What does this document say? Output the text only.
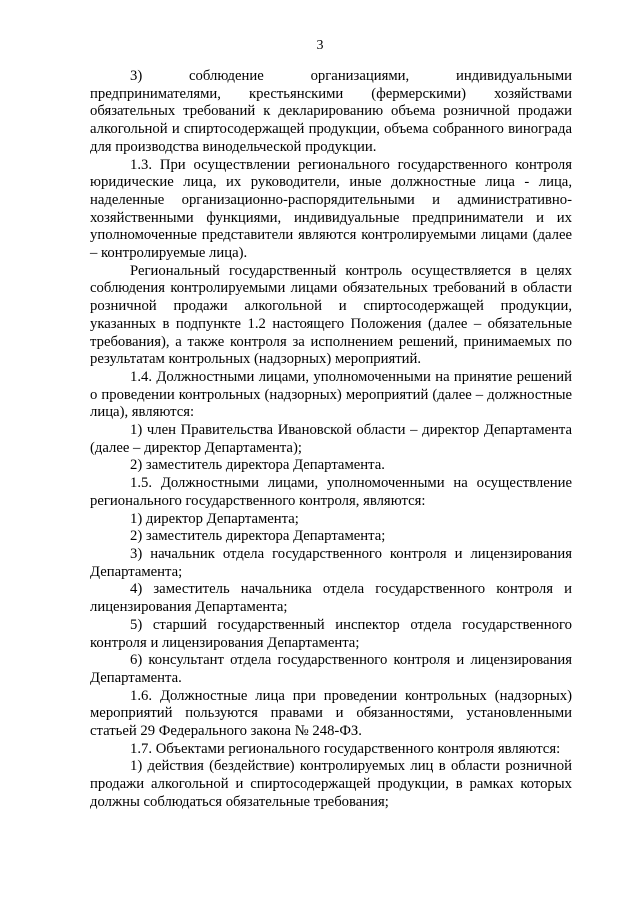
3

3) соблюдение организациями, индивидуальными предпринимателями, крестьянскими (фермерскими) хозяйствами обязательных требований к декларированию объема розничной продажи алкогольной и спиртосодержащей продукции, объема собранного винограда для производства винодельческой продукции.

1.3. При осуществлении регионального государственного контроля юридические лица, их руководители, иные должностные лица - лица, наделенные организационно-распорядительными и административно-хозяйственными функциями, индивидуальные предприниматели и их уполномоченные представители являются контролируемыми лицами (далее – контролируемые лица).

Региональный государственный контроль осуществляется в целях соблюдения контролируемыми лицами обязательных требований в области розничной продажи алкогольной и спиртосодержащей продукции, указанных в подпункте 1.2 настоящего Положения (далее – обязательные требования), а также контроля за исполнением решений, принимаемых по результатам контрольных (надзорных) мероприятий.

1.4. Должностными лицами, уполномоченными на принятие решений о проведении контрольных (надзорных) мероприятий (далее – должностные лица), являются:

1) член Правительства Ивановской области – директор Департамента (далее – директор Департамента);

2) заместитель директора Департамента.

1.5. Должностными лицами, уполномоченными на осуществление регионального государственного контроля, являются:

1) директор Департамента;

2) заместитель директора Департамента;

3) начальник отдела государственного контроля и лицензирования Департамента;

4) заместитель начальника отдела государственного контроля и лицензирования Департамента;

5) старший государственный инспектор отдела государственного контроля и лицензирования Департамента;

6) консультант отдела государственного контроля и лицензирования Департамента.

1.6. Должностные лица при проведении контрольных (надзорных) мероприятий пользуются правами и обязанностями, установленными статьей 29 Федерального закона № 248-ФЗ.

1.7. Объектами регионального государственного контроля являются:

1) действия (бездействие) контролируемых лиц в области розничной продажи алкогольной и спиртосодержащей продукции, в рамках которых должны соблюдаться обязательные требования;
